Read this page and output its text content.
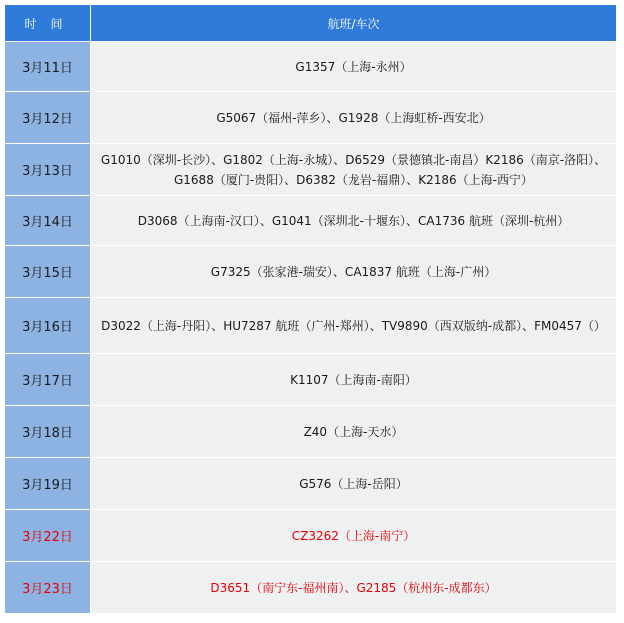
时间	航班/车次
3月11日	G1357（上海-永州）
3月12日	G5067（福州-萍乡）、G1928（上海虹桥-西安北）
3月13日	G1010（深圳-长沙）、G1802（上海-永城）、D6529（景德镇北-南昌）K2186（南京-洛阳）、G1688（厦门-贵阳）、D6382（龙岩-福鼎）、K2186（上海-西宁）
3月14日	D3068（上海南-汉口）、G1041（深圳北-十堰东）、CA1736 航班（深圳-杭州）
3月15日	G7325（张家港-瑞安）、CA1837 航班（上海-广州）
3月16日	D3022（上海-丹阳）、HU7287 航班（广州-郑州）、TV9890（西双版纳-成都）、FM0457（）
3月17日	K1107（上海南-南阳）
3月18日	Z40（上海-天水）
3月19日	G576（上海-岳阳）
3月22日	CZ3262（上海-南宁）
3月23日	D3651（南宁东-福州南）、G2185（杭州东-成都东）
